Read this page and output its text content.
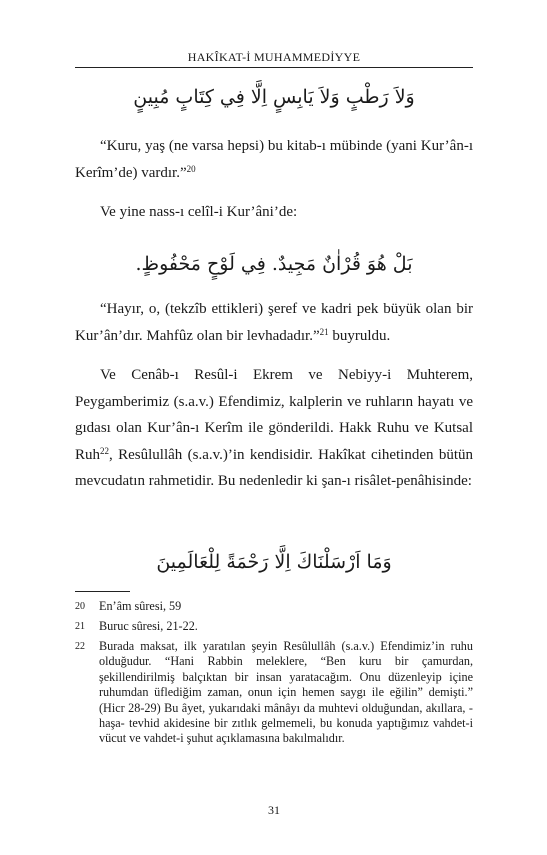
HAKÎKAT-İ MUHAMMEDİYYE
وَلاَ رَطْبٍ وَلاَ يَابِسٍ اِلَّا فِي كِتَابٍ مُبِينٍ

“Kuru, yaş (ne varsa hepsi) bu kitab-ı mübinde (yani Kur’ân-ı Kerîm’de) vardır.”$^{20}$

Ve yine nass-ı celîl-i Kur’âni’de:

بَلْ هُوَ قُرْاٰنٌ مَجِيدٌ. فِي لَوْحٍ مَحْفُوظٍ.

“Hayır, o, (tekzîb ettikleri) şeref ve kadri pek büyük olan bir Kur’ân’dır. Mahfûz olan bir levhadadır.”$^{21}$ buyruldu.

Ve Cenâb-ı Resûl-i Ekrem ve Nebiyy-i Muhterem, Peygamberimiz (s.a.v.) Efendimiz, kalplerin ve ruhların hayatı ve gıdası olan Kur’ân-ı Kerîm ile gönderildi. Hakk Ruhu ve Kutsal Ruh$^{22}$, Resûlullâh (s.a.v.)’in kendisidir. Hakîkat cihetinden bütün mevcudatın rahmetidir. Bu nedenledir ki şan-ı risâlet-penâhisinde:

وَمَا اَرْسَلْنَاكَ اِلَّا رَحْمَةً لِلْعَالَمِينَ
20 En’âm sûresi, 59
21 Buruc sûresi, 21-22.
22 Burada maksat, ilk yaratılan şeyin Resûlullâh (s.a.v.) Efendimiz’in ruhu olduğudur. “Hani Rabbin meleklere, “Ben kuru bir çamurdan, şekillendirilmiş balçıktan bir insan yaratacağım. Onu düzenleyip içine ruhumdan üflediğim zaman, onun için hemen saygı ile eğilin” demişti.” (Hicr 28-29) Bu âyet, yukarıdaki mânâyı da muhtevi olduğundan, akıllara, -haşa- tevhid akidesine bir zıtlık gelmemeli, bu konuda yaptığımız vahdet-i vücut ve vahdet-i şuhut açıklamasına bakılmalıdır.
31
